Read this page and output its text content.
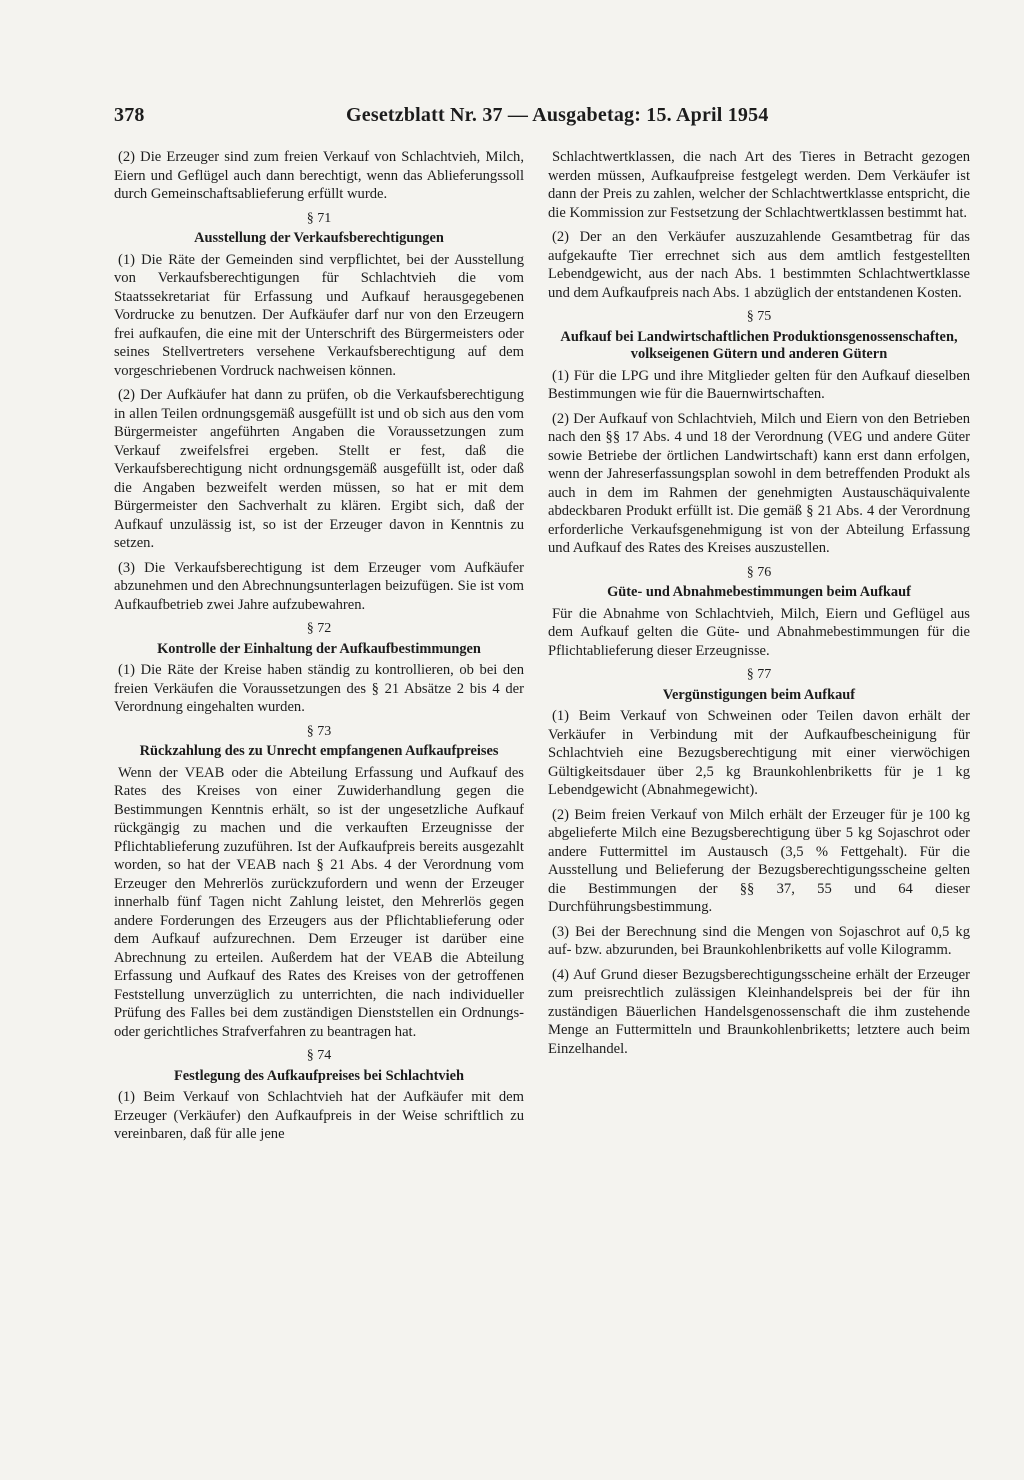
378	Gesetzblatt Nr. 37 — Ausgabetag: 15. April 1954

(2) Die Erzeuger sind zum freien Verkauf von Schlachtvieh, Milch, Eiern und Geflügel auch dann berechtigt, wenn das Ablieferungssoll durch Gemeinschaftsablieferung erfüllt wurde.

§ 71
Ausstellung der Verkaufsberechtigungen

(1) Die Räte der Gemeinden sind verpflichtet, bei der Ausstellung von Verkaufsberechtigungen für Schlachtvieh die vom Staatssekretariat für Erfassung und Aufkauf herausgegebenen Vordrucke zu benutzen. Der Aufkäufer darf nur von den Erzeugern frei aufkaufen, die eine mit der Unterschrift des Bürgermeisters oder seines Stellvertreters versehene Verkaufsberechtigung auf dem vorgeschriebenen Vordruck nachweisen können.

(2) Der Aufkäufer hat dann zu prüfen, ob die Verkaufsberechtigung in allen Teilen ordnungsgemäß ausgefüllt ist und ob sich aus den vom Bürgermeister angeführten Angaben die Voraussetzungen zum Verkauf zweifelsfrei ergeben. Stellt er fest, daß die Verkaufsberechtigung nicht ordnungsgemäß ausgefüllt ist, oder daß die Angaben bezweifelt werden müssen, so hat er mit dem Bürgermeister den Sachverhalt zu klären. Ergibt sich, daß der Aufkauf unzulässig ist, so ist der Erzeuger davon in Kenntnis zu setzen.

(3) Die Verkaufsberechtigung ist dem Erzeuger vom Aufkäufer abzunehmen und den Abrechnungsunterlagen beizufügen. Sie ist vom Aufkaufbetrieb zwei Jahre aufzubewahren.

§ 72
Kontrolle der Einhaltung der Aufkaufbestimmungen

(1) Die Räte der Kreise haben ständig zu kontrollieren, ob bei den freien Verkäufen die Voraussetzungen des § 21 Absätze 2 bis 4 der Verordnung eingehalten wurden.

§ 73
Rückzahlung des zu Unrecht empfangenen Aufkaufpreises

Wenn der VEAB oder die Abteilung Erfassung und Aufkauf des Rates des Kreises von einer Zuwiderhandlung gegen die Bestimmungen Kenntnis erhält, so ist der ungesetzliche Aufkauf rückgängig zu machen und die verkauften Erzeugnisse der Pflichtablieferung zuzuführen. Ist der Aufkaufpreis bereits ausgezahlt worden, so hat der VEAB nach § 21 Abs. 4 der Verordnung vom Erzeuger den Mehrerlös zurückzufordern und wenn der Erzeuger innerhalb fünf Tagen nicht Zahlung leistet, den Mehrerlös gegen andere Forderungen des Erzeugers aus der Pflichtablieferung oder dem Aufkauf aufzurechnen. Dem Erzeuger ist darüber eine Abrechnung zu erteilen. Außerdem hat der VEAB die Abteilung Erfassung und Aufkauf des Rates des Kreises von der getroffenen Feststellung unverzüglich zu unterrichten, die nach individueller Prüfung des Falles bei dem zuständigen Dienststellen ein Ordnungs- oder gerichtliches Strafverfahren zu beantragen hat.

§ 74
Festlegung des Aufkaufpreises bei Schlachtvieh

(1) Beim Verkauf von Schlachtvieh hat der Aufkäufer mit dem Erzeuger (Verkäufer) den Aufkaufpreis in der Weise schriftlich zu vereinbaren, daß für alle jene

Schlachtwertklassen, die nach Art des Tieres in Betracht gezogen werden müssen, Aufkaufpreise festgelegt werden. Dem Verkäufer ist dann der Preis zu zahlen, welcher der Schlachtwertklasse entspricht, die die Kommission zur Festsetzung der Schlachtwertklassen bestimmt hat.

(2) Der an den Verkäufer auszuzahlende Gesamtbetrag für das aufgekaufte Tier errechnet sich aus dem amtlich festgestellten Lebendgewicht, aus der nach Abs. 1 bestimmten Schlachtwertklasse und dem Aufkaufpreis nach Abs. 1 abzüglich der entstandenen Kosten.

§ 75
Aufkauf bei Landwirtschaftlichen Produktionsgenossenschaften, volkseigenen Gütern und anderen Gütern

(1) Für die LPG und ihre Mitglieder gelten für den Aufkauf dieselben Bestimmungen wie für die Bauernwirtschaften.

(2) Der Aufkauf von Schlachtvieh, Milch und Eiern von den Betrieben nach den §§ 17 Abs. 4 und 18 der Verordnung (VEG und andere Güter sowie Betriebe der örtlichen Landwirtschaft) kann erst dann erfolgen, wenn der Jahreserfassungsplan sowohl in dem betreffenden Produkt als auch in dem im Rahmen der genehmigten Austauschäquivalente abdeckbaren Produkt erfüllt ist. Die gemäß § 21 Abs. 4 der Verordnung erforderliche Verkaufsgenehmigung ist von der Abteilung Erfassung und Aufkauf des Rates des Kreises auszustellen.

§ 76
Güte- und Abnahmebestimmungen beim Aufkauf

Für die Abnahme von Schlachtvieh, Milch, Eiern und Geflügel aus dem Aufkauf gelten die Güte- und Abnahmebestimmungen für die Pflichtablieferung dieser Erzeugnisse.

§ 77
Vergünstigungen beim Aufkauf

(1) Beim Verkauf von Schweinen oder Teilen davon erhält der Verkäufer in Verbindung mit der Aufkaufbescheinigung für Schlachtvieh eine Bezugsberechtigung mit einer vierwöchigen Gültigkeitsdauer über 2,5 kg Braunkohlenbriketts für je 1 kg Lebendgewicht (Abnahmegewicht).

(2) Beim freien Verkauf von Milch erhält der Erzeuger für je 100 kg abgelieferte Milch eine Bezugsberechtigung über 5 kg Sojaschrot oder andere Futtermittel im Austausch (3,5 % Fettgehalt). Für die Ausstellung und Belieferung der Bezugsberechtigungsscheine gelten die Bestimmungen der §§ 37, 55 und 64 dieser Durchführungsbestimmung.

(3) Bei der Berechnung sind die Mengen von Sojaschrot auf 0,5 kg auf- bzw. abzurunden, bei Braunkohlenbriketts auf volle Kilogramm.

(4) Auf Grund dieser Bezugsberechtigungsscheine erhält der Erzeuger zum preisrechtlich zulässigen Kleinhandelspreis bei der für ihn zuständigen Bäuerlichen Handelsgenossenschaft die ihm zustehende Menge an Futtermitteln und Braunkohlenbriketts; letztere auch beim Einzelhandel.
